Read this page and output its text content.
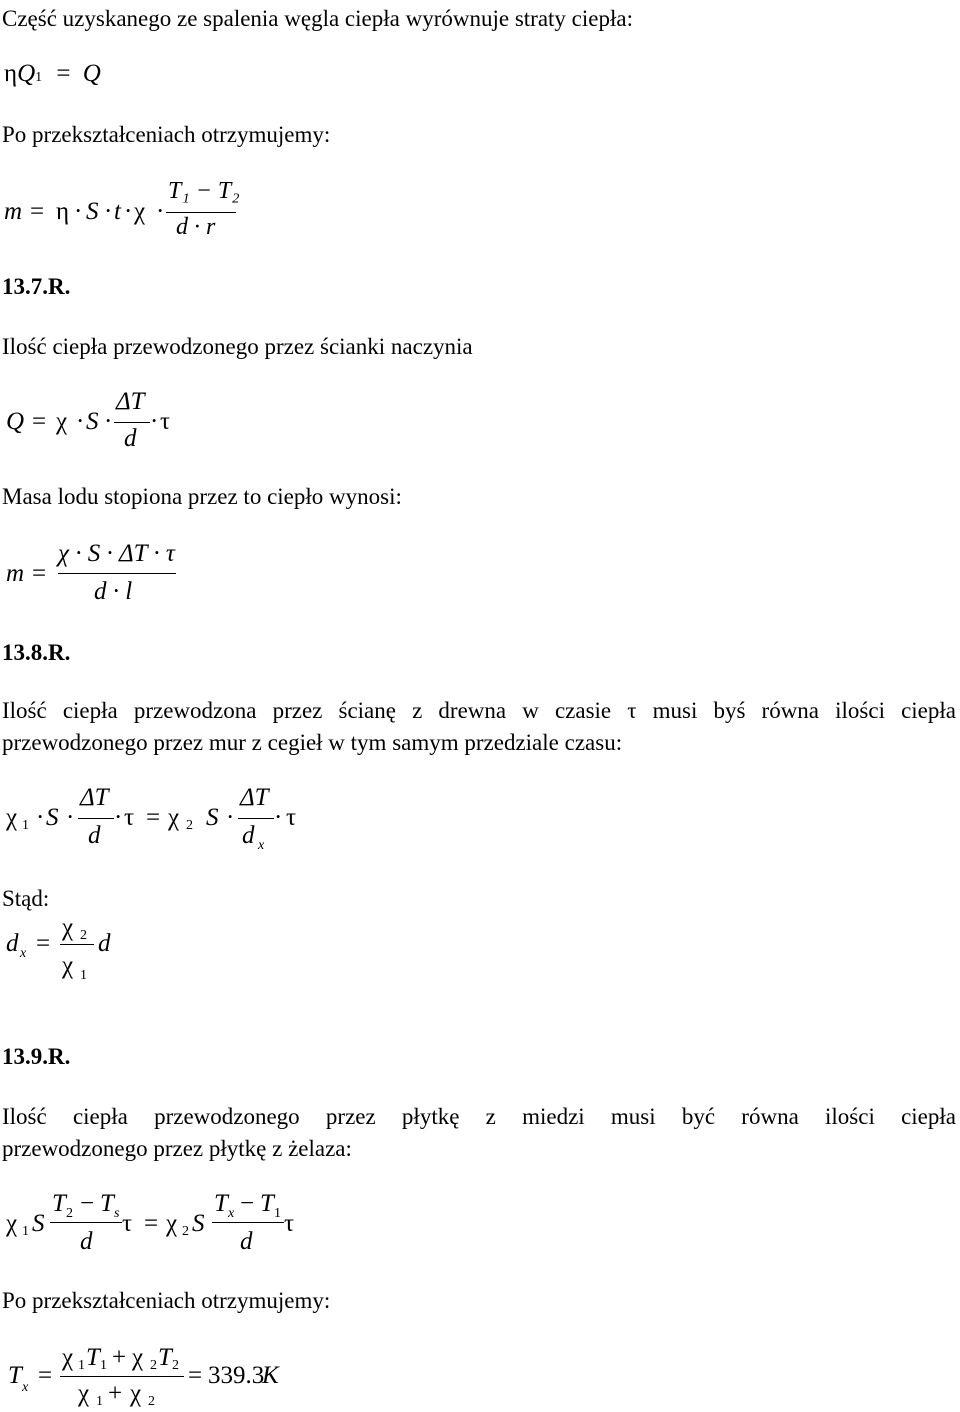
Część uzyskanego ze spalenia węgla ciepła wyrównuje straty ciepła:
ηQ1 = Q
Po przekształceniach otrzymujemy:
m = η · S · t · χ ·
T₁ − T₂
d · r
13.7.R.
Ilość ciepła przewodzonego przez ścianki naczynia
Q = χ · S ·
ΔT
d
· τ
Masa lodu stopiona przez to ciepło wynosi:
m =
χ · S · ΔT · τ
d · l
13.8.R.
Ilość ciepła przewodzona przez ścianę z drewna w czasie τ musi byś równa ilości ciepła
przewodzonego przez mur z cegieł w tym samym przedziale czasu:
χ 1 · S ·
ΔT
d
· τ = χ 2 S ·
ΔT
d x
· τ
Stąd:
d x =
χ 2
χ 1
d
13.9.R.
Ilość ciepła przewodzonego przez płytkę z miedzi musi być równa ilości ciepła
przewodzonego przez płytkę z żelaza:
χ 1 S
T 2 − T s
d
τ = χ 2 S
T x − T 1
d
τ
Po przekształceniach otrzymujemy:
T x =
χ 1 T 1 + χ 2 T 2
χ 1 + χ 2
= 339.3
K
